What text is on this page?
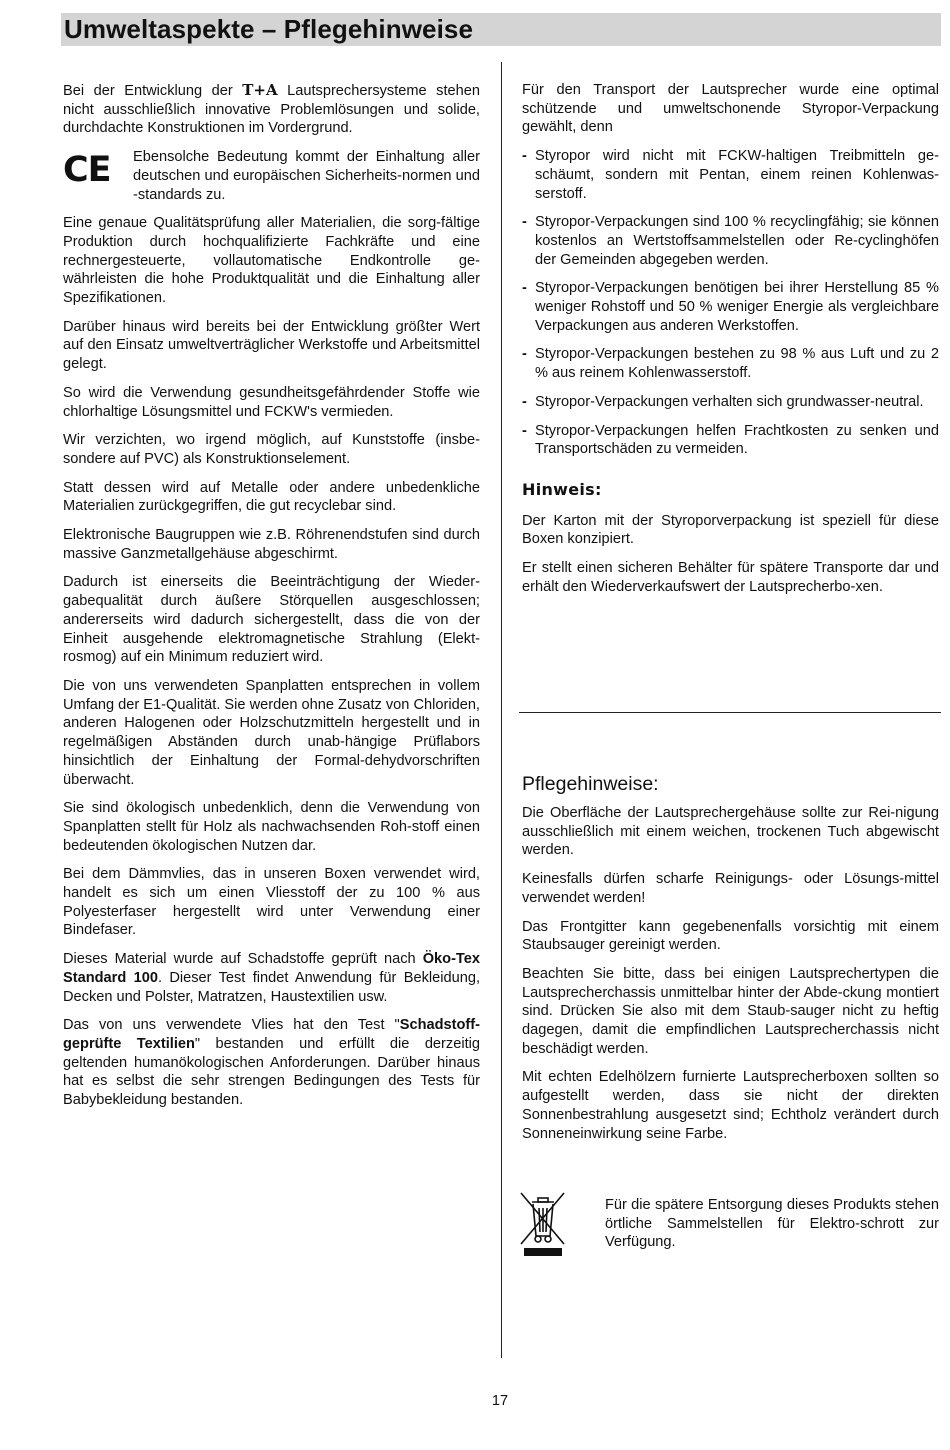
Umweltaspekte – Pflegehinweise

Bei der Entwicklung der T+A Lautsprechersysteme stehen nicht ausschließlich innovative Problemlösungen und solide, durchdachte Konstruktionen im Vordergrund.

CE	Ebensolche Bedeutung kommt der Einhaltung aller deutschen und europäischen Sicherheits-normen und -standards zu.

Eine genaue Qualitätsprüfung aller Materialien, die sorg-fältige Produktion durch hochqualifizierte Fachkräfte und eine rechnergesteuerte, vollautomatische Endkontrolle ge-währleisten die hohe Produktqualität und die Einhaltung aller Spezifikationen.

Darüber hinaus wird bereits bei der Entwicklung größter Wert auf den Einsatz umweltverträglicher Werkstoffe und Arbeitsmittel gelegt.

So wird die Verwendung gesundheitsgefährdender Stoffe wie chlorhaltige Lösungsmittel und FCKW's vermieden.

Wir verzichten, wo irgend möglich, auf Kunststoffe (insbe-sondere auf PVC) als Konstruktionselement.

Statt dessen wird auf Metalle oder andere unbedenkliche Materialien zurückgegriffen, die gut recyclebar sind.

Elektronische Baugruppen wie z.B. Röhrenendstufen sind durch massive Ganzmetallgehäuse abgeschirmt.

Dadurch ist einerseits die Beeinträchtigung der Wieder-gabequalität durch äußere Störquellen ausgeschlossen; andererseits wird dadurch sichergestellt, dass die von der Einheit ausgehende elektromagnetische Strahlung (Elekt-rosmog) auf ein Minimum reduziert wird.

Die von uns verwendeten Spanplatten entsprechen in vollem Umfang der E1-Qualität. Sie werden ohne Zusatz von Chloriden, anderen Halogenen oder Holzschutzmitteln hergestellt und in regelmäßigen Abständen durch unab-hängige Prüflabors hinsichtlich der Einhaltung der Formal-dehydvorschriften überwacht.

Sie sind ökologisch unbedenklich, denn die Verwendung von Spanplatten stellt für Holz als nachwachsenden Roh-stoff einen bedeutenden ökologischen Nutzen dar.

Bei dem Dämmvlies, das in unseren Boxen verwendet wird, handelt es sich um einen Vliesstoff der zu 100 % aus Polyesterfaser hergestellt wird unter Verwendung einer Bindefaser.

Dieses Material wurde auf Schadstoffe geprüft nach Öko-Tex Standard 100. Dieser Test findet Anwendung für Bekleidung, Decken und Polster, Matratzen, Haustextilien usw.

Das von uns verwendete Vlies hat den Test "Schadstoff-geprüfte Textilien" bestanden und erfüllt die derzeitig geltenden humanökologischen Anforderungen. Darüber hinaus hat es selbst die sehr strengen Bedingungen des Tests für Babybekleidung bestanden.

Für den Transport der Lautsprecher wurde eine optimal schützende und umweltschonende Styropor-Verpackung gewählt, denn

- Styropor wird nicht mit FCKW-haltigen Treibmitteln ge-schäumt, sondern mit Pentan, einem reinen Kohlenwas-serstoff.
- Styropor-Verpackungen sind 100 % recyclingfähig; sie können kostenlos an Wertstoffsammelstellen oder Re-cyclinghöfen der Gemeinden abgegeben werden.
- Styropor-Verpackungen benötigen bei ihrer Herstellung 85 % weniger Rohstoff und 50 % weniger Energie als vergleichbare Verpackungen aus anderen Werkstoffen.
- Styropor-Verpackungen bestehen zu 98 % aus Luft und zu 2 % aus reinem Kohlenwasserstoff.
- Styropor-Verpackungen verhalten sich grundwasser-neutral.
- Styropor-Verpackungen helfen Frachtkosten zu senken und Transportschäden zu vermeiden.
Hinweis:

Der Karton mit der Styroporverpackung ist speziell für diese Boxen konzipiert.

Er stellt einen sicheren Behälter für spätere Transporte dar und erhält den Wiederverkaufswert der Lautsprecherbo-xen.

Pflegehinweise:

Die Oberfläche der Lautsprechergehäuse sollte zur Rei-nigung ausschließlich mit einem weichen, trockenen Tuch abgewischt werden.

Keinesfalls dürfen scharfe Reinigungs- oder Lösungs-mittel verwendet werden!

Das Frontgitter kann gegebenenfalls vorsichtig mit einem Staubsauger gereinigt werden.

Beachten Sie bitte, dass bei einigen Lautsprechertypen die Lautsprecherchassis unmittelbar hinter der Abde-ckung montiert sind. Drücken Sie also mit dem Staub-sauger nicht zu heftig dagegen, damit die empfindlichen Lautsprecherchassis nicht beschädigt werden.

Mit echten Edelhölzern furnierte Lautsprecherboxen sollten so aufgestellt werden, dass sie nicht der direkten Sonnenbestrahlung ausgesetzt sind; Echtholz verändert durch Sonneneinwirkung seine Farbe.

Für die spätere Entsorgung dieses Produkts stehen örtliche Sammelstellen für Elektro-schrott zur Verfügung.
17
